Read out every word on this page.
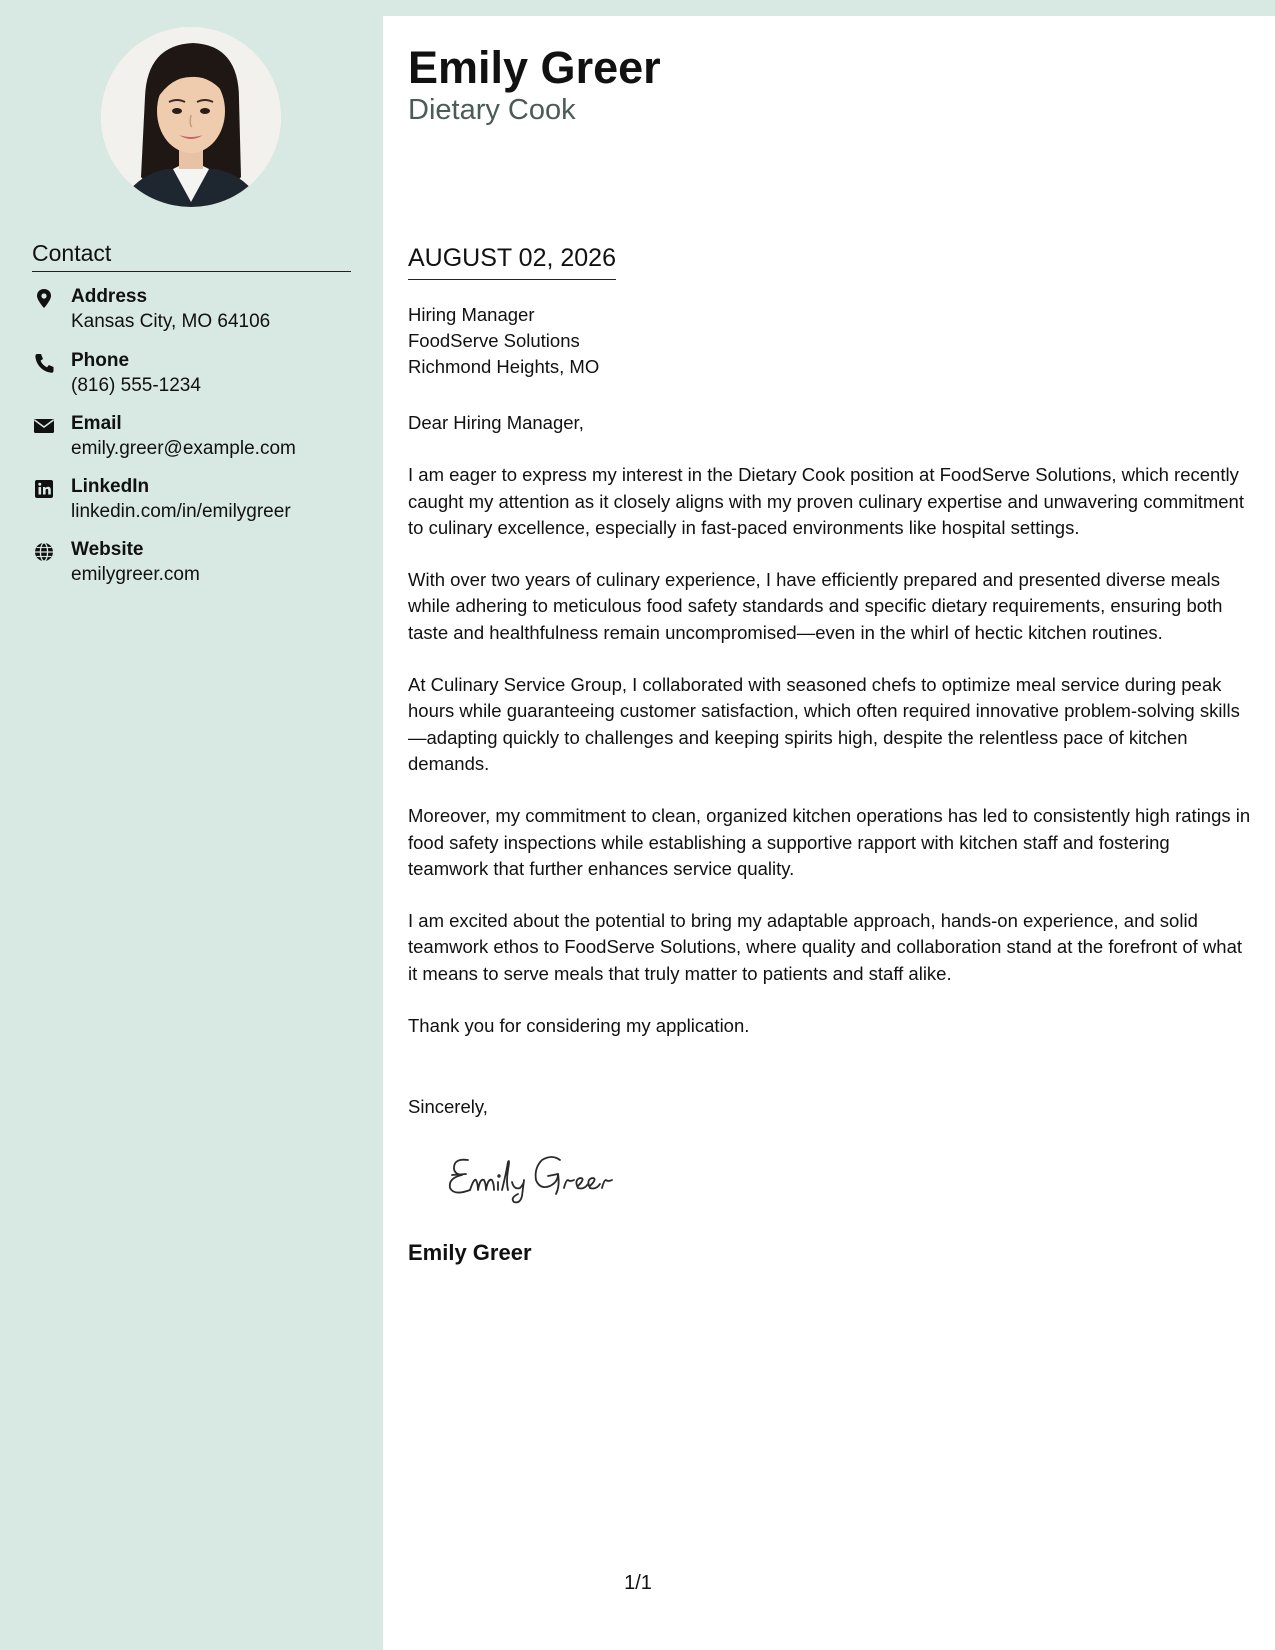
Contact
Address
Kansas City, MO 64106
Phone
(816) 555-1234
Email
emily.greer@example.com
LinkedIn
linkedin.com/in/emilygreer
Website
emilygreer.com
Emily Greer
Dietary Cook
AUGUST 02, 2026
Hiring Manager
FoodServe Solutions
Richmond Heights, MO

Dear Hiring Manager,

I am eager to express my interest in the Dietary Cook position at FoodServe Solutions, which recently caught my attention as it closely aligns with my proven culinary expertise and unwavering commitment to culinary excellence, especially in fast-paced environments like hospital settings.

With over two years of culinary experience, I have efficiently prepared and presented diverse meals while adhering to meticulous food safety standards and specific dietary requirements, ensuring both taste and healthfulness remain uncompromised—even in the whirl of hectic kitchen routines.

At Culinary Service Group, I collaborated with seasoned chefs to optimize meal service during peak hours while guaranteeing customer satisfaction, which often required innovative problem-solving skills—adapting quickly to challenges and keeping spirits high, despite the relentless pace of kitchen demands.

Moreover, my commitment to clean, organized kitchen operations has led to consistently high ratings in food safety inspections while establishing a supportive rapport with kitchen staff and fostering teamwork that further enhances service quality.

I am excited about the potential to bring my adaptable approach, hands-on experience, and solid teamwork ethos to FoodServe Solutions, where quality and collaboration stand at the forefront of what it means to serve meals that truly matter to patients and staff alike.

Thank you for considering my application.

Sincerely,
Emily Greer
1/1
